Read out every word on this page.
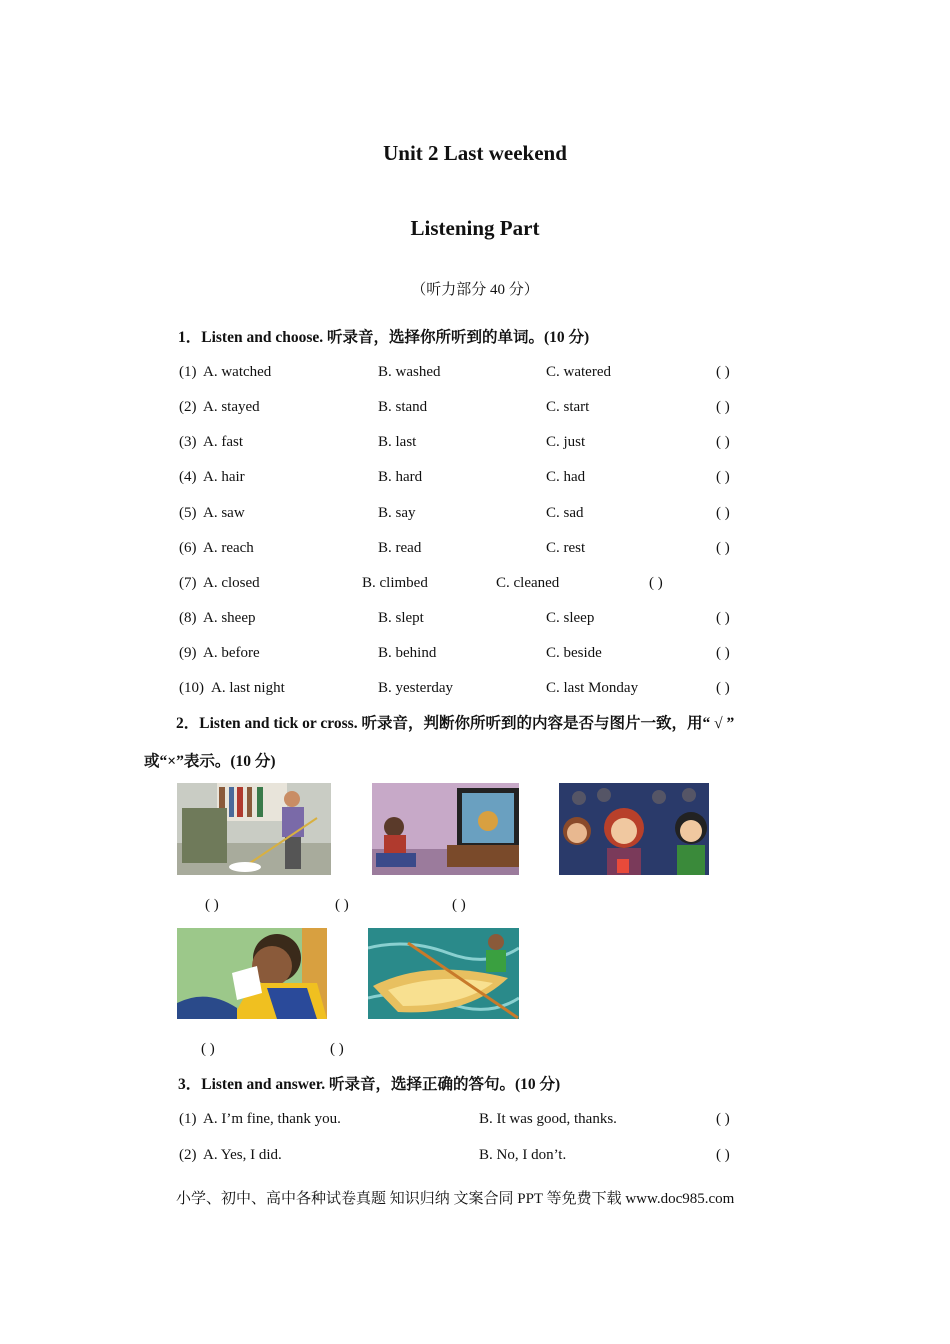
Unit 2 Last weekend
Listening Part
（听力部分 40 分）
1．Listen and choose. 听录音，选择你所听到的单词。(10 分)
(1) A. watched	B. washed	C. watered	( )
(2) A. stayed	B. stand	C. start	( )
(3) A. fast	B. last	C. just	( )
(4) A. hair	B. hard	C. had	( )
(5) A. saw	B. say	C. sad	( )
(6) A. reach	B. read	C. rest	( )
(7) A. closed	B. climbed	C. cleaned	( )
(8) A. sheep	B. slept	C. sleep	( )
(9) A. before	B. behind	C. beside	( )
(10) A. last night	B. yesterday	C. last Monday	( )
2．Listen and tick or cross. 听录音，判断你所听到的内容是否与图片一致，用“ √ ”
或“×”表示。(10 分)
( )	( )	( )
( )	( )
3．Listen and answer. 听录音，选择正确的答句。(10 分)
(1) A. I’m fine, thank you.	B. It was good, thanks.	( )
(2) A. Yes, I did.	B. No, I don’t.	( )
小学、初中、高中各种试卷真题 知识归纳 文案合同 PPT 等免费下载 www.doc985.com
